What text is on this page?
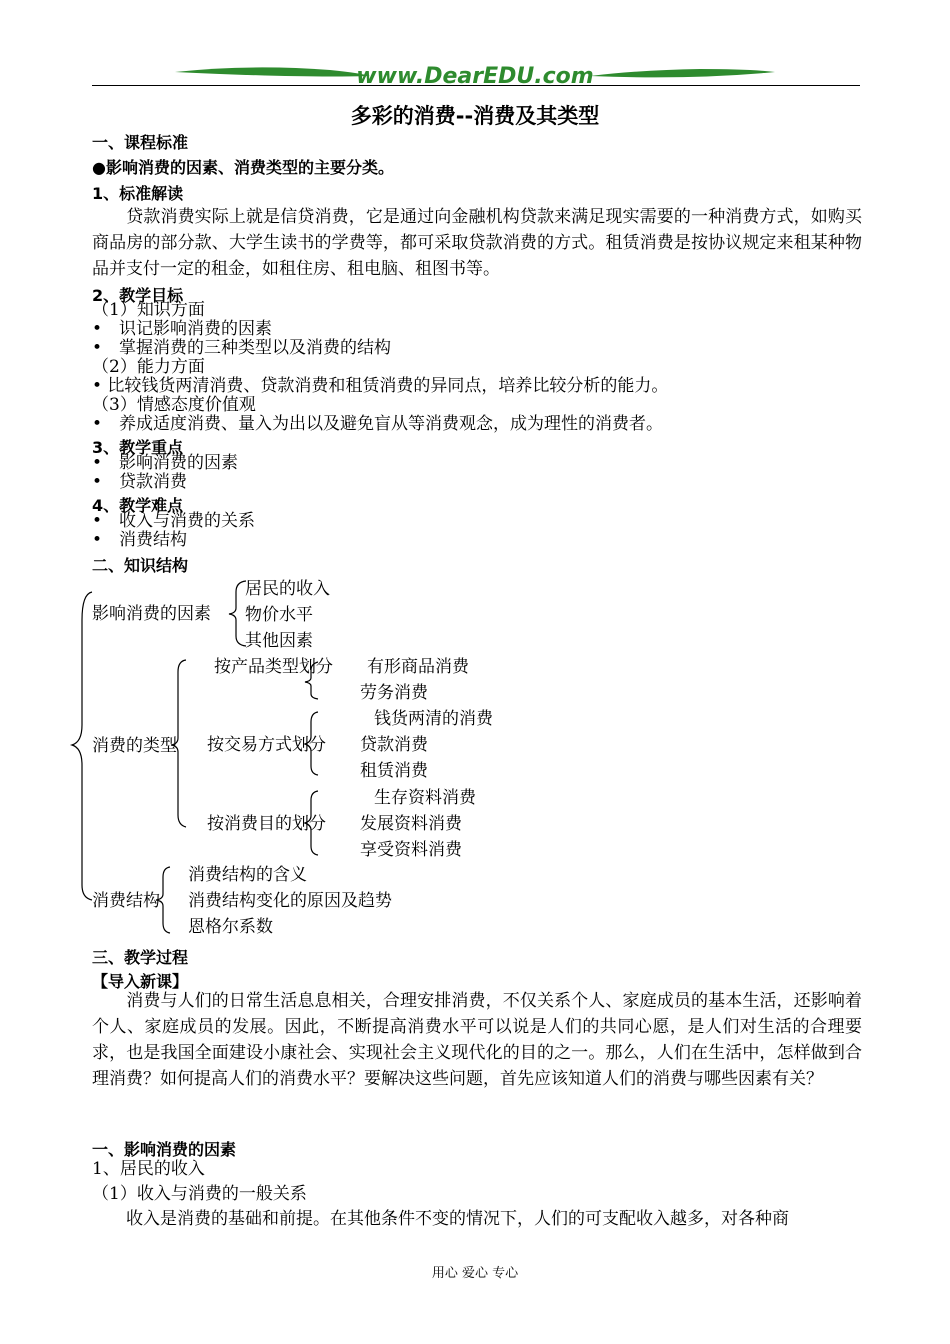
www.DearEDU.com
多彩的消费--消费及其类型
一、课程标准
●影响消费的因素、消费类型的主要分类。
1、标准解读
　　贷款消费实际上就是信贷消费，它是通过向金融机构贷款来满足现实需要的一种消费方式，如购买商品房的部分款、大学生读书的学费等，都可采取贷款消费的方式。租赁消费是按协议规定来租某种物品并支付一定的租金，如租住房、租电脑、租图书等。
2、教学目标
（1）知识方面
•　识记影响消费的因素
•　掌握消费的三种类型以及消费的结构
（2）能力方面
• 比较钱货两清消费、贷款消费和租赁消费的异同点，培养比较分析的能力。
（3）情感态度价值观
•　养成适度消费、量入为出以及避免盲从等消费观念，成为理性的消费者。
3、教学重点
•　影响消费的因素
•　贷款消费
4、教学难点
•　收入与消费的关系
•　消费结构
二、知识结构
影响消费的因素
居民的收入
物价水平
其他因素
消费的类型
按产品类型划分 有形商品消费
劳务消费
按交易方式划分
钱货两清的消费
贷款消费
租赁消费
按消费目的划分
生存资料消费
发展资料消费
享受资料消费
消费结构
消费结构的含义
消费结构变化的原因及趋势
恩格尔系数
三、教学过程
【导入新课】
　　消费与人们的日常生活息息相关，合理安排消费，不仅关系个人、家庭成员的基本生活，还影响着个人、家庭成员的发展。因此，不断提高消费水平可以说是人们的共同心愿，是人们对生活的合理要求，也是我国全面建设小康社会、实现社会主义现代化的目的之一。那么，人们在生活中，怎样做到合理消费？如何提高人们的消费水平？要解决这些问题，首先应该知道人们的消费与哪些因素有关？
一、影响消费的因素
1、居民的收入
（1）收入与消费的一般关系
　　收入是消费的基础和前提。在其他条件不变的情况下，人们的可支配收入越多，对各种商
用心 爱心 专心
